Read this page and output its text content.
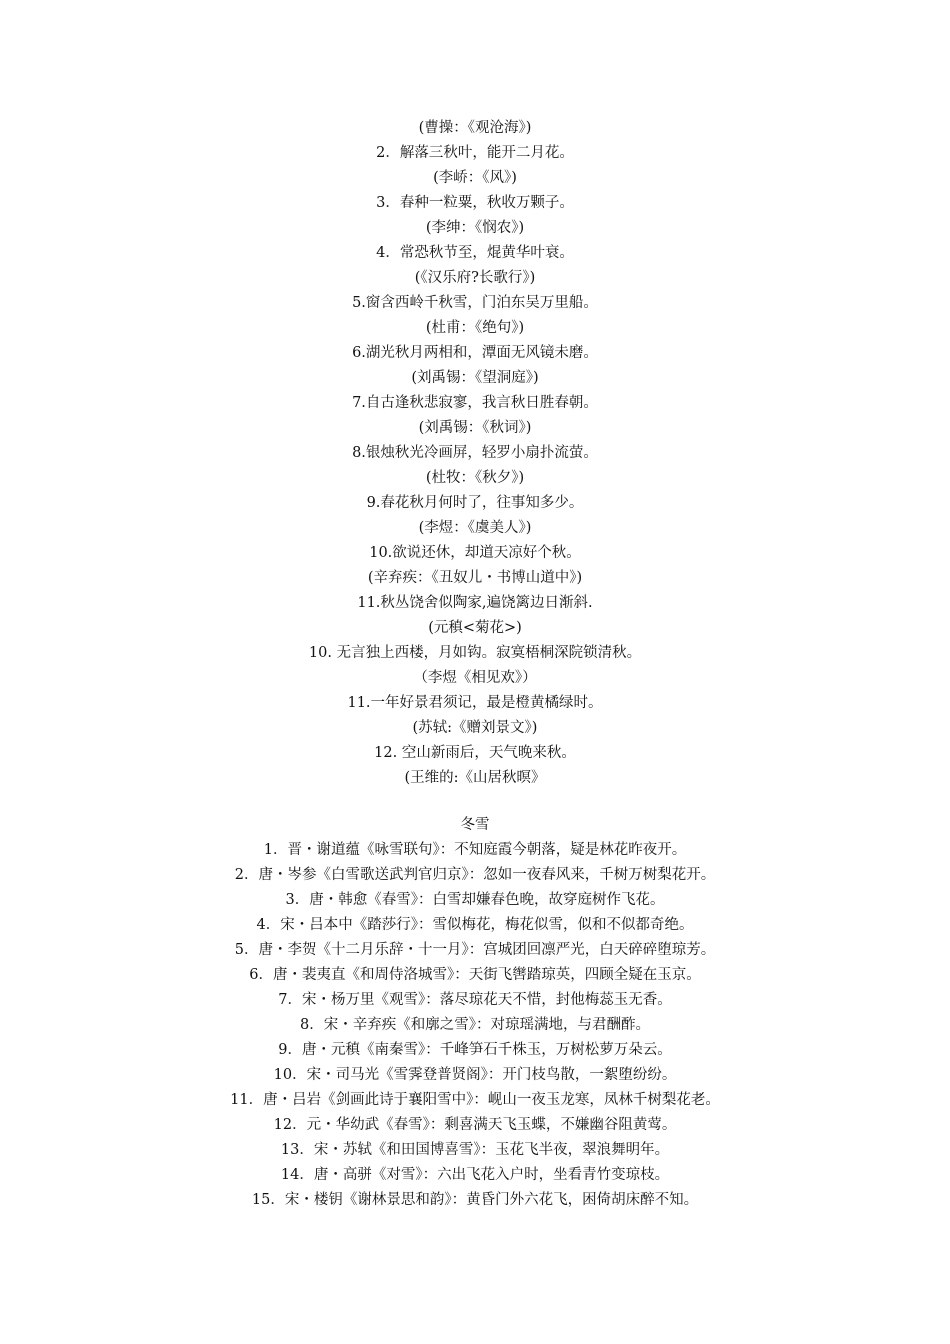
(曹操：《观沧海》)
2．解落三秋叶，能开二月花。
(李峤：《风》)
3．春种一粒粟，秋收万颗子。
(李绅：《悯农》)
4．常恐秋节至，焜黄华叶衰。
(《汉乐府?长歌行》)
5.窗含西岭千秋雪，门泊东吴万里船。
(杜甫：《绝句》)
6.湖光秋月两相和，潭面无风镜未磨。
(刘禹锡：《望洞庭》)
7.自古逢秋悲寂寥，我言秋日胜春朝。
(刘禹锡：《秋词》)
8.银烛秋光冷画屏，轻罗小扇扑流萤。
(杜牧：《秋夕》)
9.春花秋月何时了，往事知多少。
(李煜：《虞美人》)
10.欲说还休，却道天凉好个秋。
(辛弃疾：《丑奴儿・书博山道中》)
11.秋丛饶舍似陶家,遍饶篱边日渐斜.
(元稹<菊花>)
10. 无言独上西楼，月如钩。寂寞梧桐深院锁清秋。
（李煜《相见欢》）
11.一年好景君须记，最是橙黄橘绿时。
(苏轼:《赠刘景文》)
12. 空山新雨后，天气晚来秋。
(王维的:《山居秋暝》
冬雪
1．晋・谢道蕴《咏雪联句》：不知庭霞今朝落，疑是林花昨夜开。
2．唐・岑参《白雪歌送武判官归京》：忽如一夜春风来，千树万树梨花开。
3．唐・韩愈《春雪》：白雪却嫌春色晚，故穿庭树作飞花。
4．宋・吕本中《踏莎行》：雪似梅花，梅花似雪，似和不似都奇绝。
5．唐・李贺《十二月乐辞・十一月》：宫城团回凛严光，白天碎碎堕琼芳。
6．唐・裴夷直《和周侍洛城雪》：天街飞辔踏琼英，四顾全疑在玉京。
7．宋・杨万里《观雪》：落尽琼花天不惜，封他梅蕊玉无香。
8．宋・辛弃疾《和廓之雪》：对琼瑶满地，与君酬酢。
9．唐・元稹《南秦雪》：千峰笋石千株玉，万树松萝万朵云。
10．宋・司马光《雪霁登普贤阁》：开门枝鸟散，一絮堕纷纷。
11．唐・吕岩《剑画此诗于襄阳雪中》：岘山一夜玉龙寒，凤林千树梨花老。
12．元・华幼武《春雪》：剩喜满天飞玉蝶，不嫌幽谷阻黄莺。
13．宋・苏轼《和田国博喜雪》：玉花飞半夜，翠浪舞明年。
14．唐・高骈《对雪》：六出飞花入户时，坐看青竹变琼枝。
15．宋・楼钥《谢林景思和韵》：黄昏门外六花飞，困倚胡床醉不知。
